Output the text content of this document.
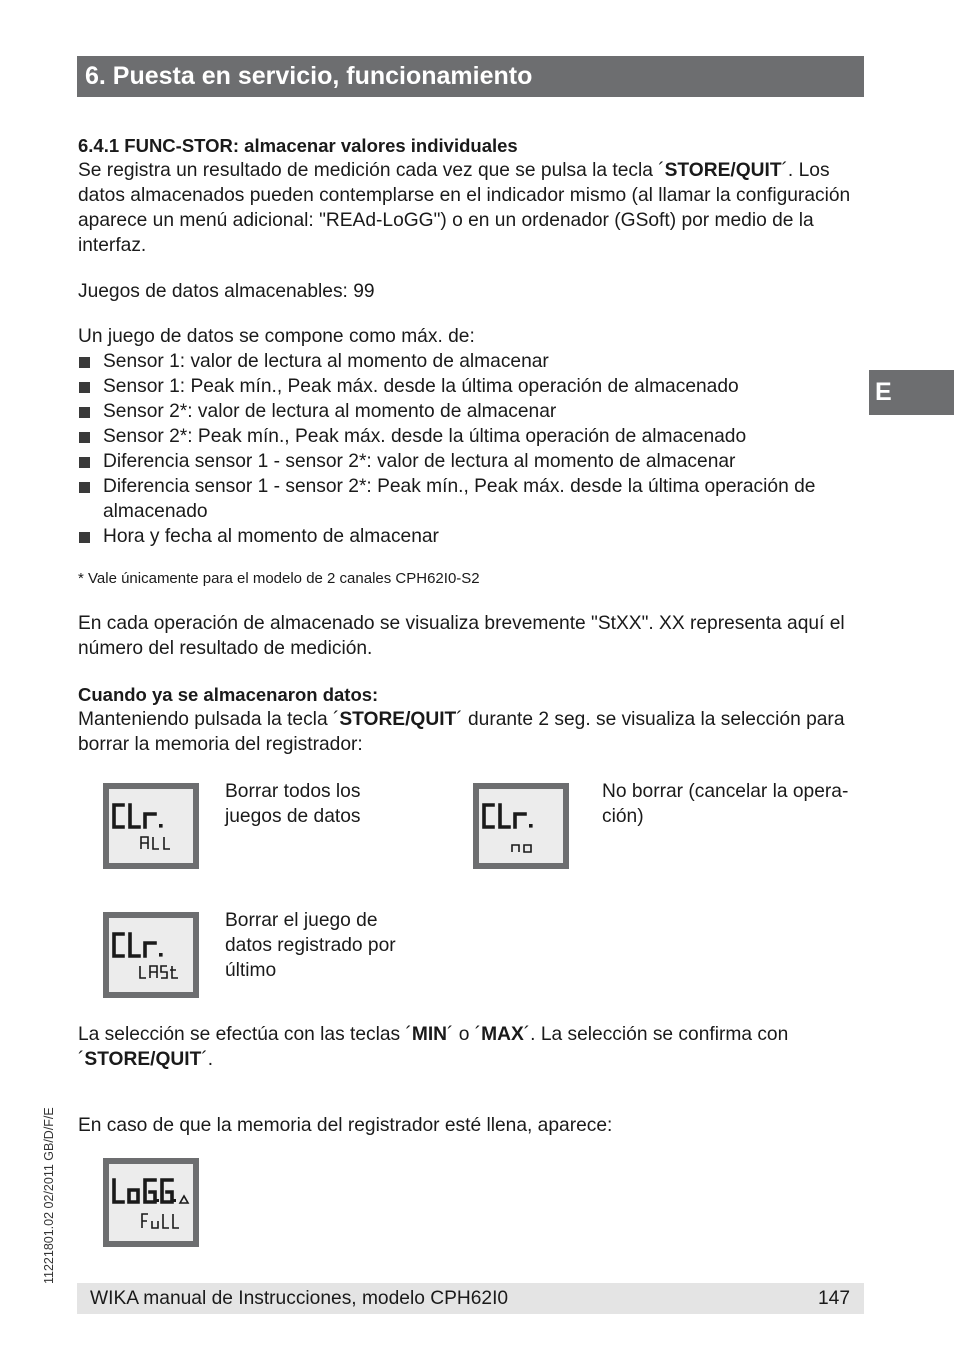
6. Puesta en servicio, funcionamiento
E

6.4.1 FUNC-STOR: almacenar valores individuales

Se registra un resultado de medición cada vez que se pulsa la tecla ´STORE/QUIT´. Los datos almacenados pueden contemplarse en el indicador mismo (al llamar la configuración aparece un menú adicional: "REAd-LoGG") o en un ordenador (GSoft) por medio de la interfaz.

Juegos de datos almacenables: 99

Un juego de datos se compone como máx. de:

Sensor 1: valor de lectura al momento de almacenar
Sensor 1: Peak mín., Peak máx. desde la última operación de almacenado
Sensor 2*: valor de lectura al momento de almacenar
Sensor 2*: Peak mín., Peak máx. desde la última operación de almacenado
Diferencia sensor 1 - sensor 2*: valor de lectura al momento de almacenar
Diferencia sensor 1 - sensor 2*: Peak mín., Peak máx. desde la última operación de almacenado
Hora y fecha al momento de almacenar

* Vale únicamente para el modelo de 2 canales CPH62I0-S2

En cada operación de almacenado se visualiza brevemente "StXX". XX representa aquí el número del resultado de medición.

Cuando ya se almacenaron datos:

Manteniendo pulsada la tecla ´STORE/QUIT´ durante 2 seg. se visualiza la selección para borrar la memoria del registrador:

Borrar todos los juegos de datos
No borrar (cancelar la opera-ción)
Borrar el juego de datos registrado por último

La selección se efectúa con las teclas ´MIN´ o ´MAX´. La selección se confirma con ´STORE/QUIT´.

En caso de que la memoria del registrador esté llena, aparece:
11221801.02 02/2011 GB/D/F/E
WIKA manual de Instrucciones, modelo CPH62I0	147
